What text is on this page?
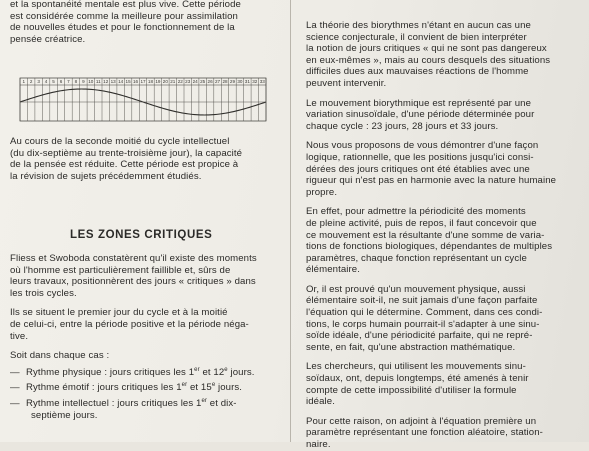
et la spontanéité mentale est plus vive. Cette période
est considérée comme la meilleure pour assimilation
de nouvelles études et pour le fonctionnement de la
pensée créatrice.

1 2 3 4 5 6 7 8 9 10 11 12 13 14 15 16 17 18 19 20 21 22 23 24 25 26 27 28 29 30 31 32 33

Au cours de la seconde moitié du cycle intellectuel
(du dix-septième au trente-troisième jour), la capacité
de la pensée est réduite. Cette période est propice à
la révision de sujets précédemment étudiés.

LES ZONES CRITIQUES

Fliess et Swoboda constatèrent qu'il existe des moments
où l'homme est particulièrement faillible et, sûrs de
leurs travaux, positionnèrent des jours « critiques » dans
les trois cycles.

Ils se situent le premier jour du cycle et à la moitié
de celui-ci, entre la période positive et la période néga-
tive.

Soit dans chaque cas :

— Rythme physique : jours critiques les 1er et 12e jours.
— Rythme émotif : jours critiques les 1er et 15e jours.
— Rythme intellectuel : jours critiques les 1er et dix-
septième jours.

La théorie des biorythmes n'étant en aucun cas une
science conjecturale, il convient de bien interpréter
la notion de jours critiques « qui ne sont pas dangereux
en eux-mêmes », mais au cours desquels des situations
difficiles dues aux mauvaises réactions de l'homme
peuvent intervenir.

Le mouvement biorythmique est représenté par une
variation sinusoïdale, d'une période déterminée pour
chaque cycle : 23 jours, 28 jours et 33 jours.

Nous vous proposons de vous démontrer d'une façon
logique, rationnelle, que les positions jusqu'ici consi-
dérées des jours critiques ont été établies avec une
rigueur qui n'est pas en harmonie avec la nature humaine
propre.

En effet, pour admettre la périodicité des moments
de pleine activité, puis de repos, il faut concevoir que
ce mouvement est la résultante d'une somme de varia-
tions de fonctions biologiques, dépendantes de multiples
paramètres, chaque fonction représentant un cycle
élémentaire.

Or, il est prouvé qu'un mouvement physique, aussi
élémentaire soit-il, ne suit jamais d'une façon parfaite
l'équation qui le détermine. Comment, dans ces condi-
tions, le corps humain pourrait-il s'adapter à une sinu-
soïde idéale, d'une périodicité parfaite, qui ne repré-
sente, en fait, qu'une abstraction mathématique.

Les chercheurs, qui utilisent les mouvements sinu-
soïdaux, ont, depuis longtemps, été amenés à tenir
compte de cette impossibilité d'utiliser la formule
idéale.

Pour cette raison, on adjoint à l'équation première un
paramètre représentant une fonction aléatoire, station-
naire.
